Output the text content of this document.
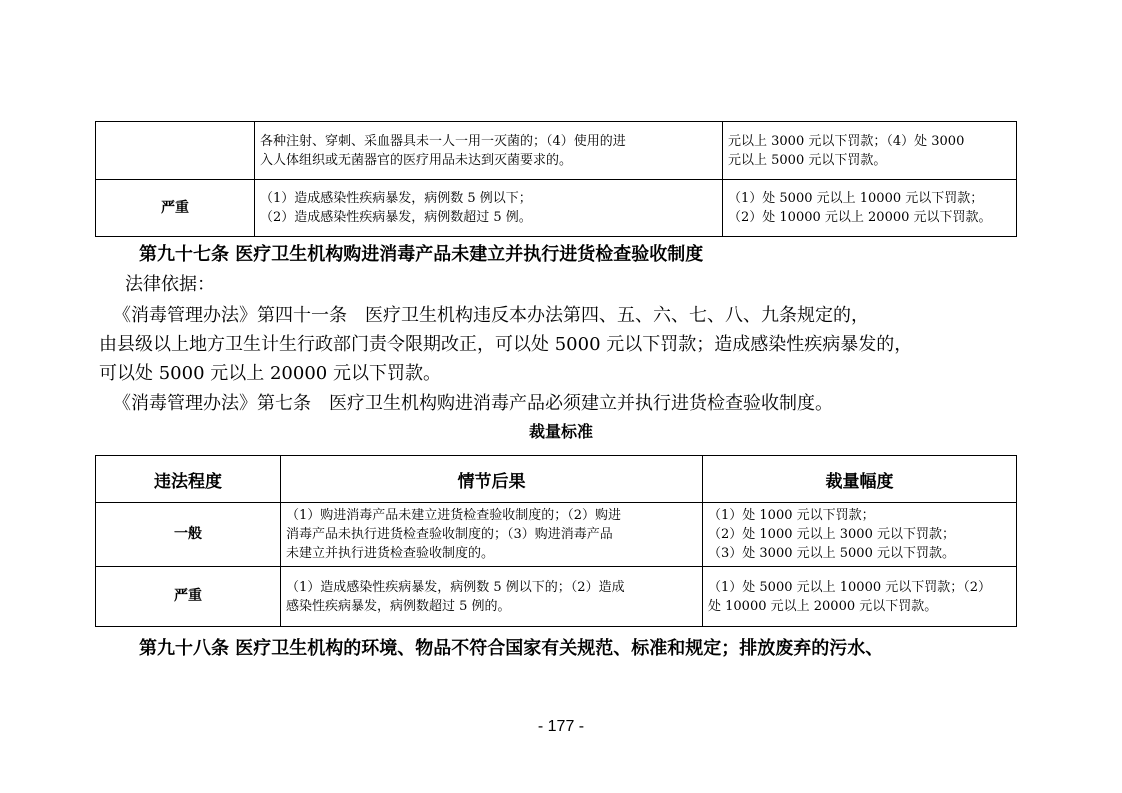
	各种注射、穿刺、采血器具未一人一用一灭菌的；（4）使用的进
入人体组织或无菌器官的医疗用品未达到灭菌要求的。	元以上 3000 元以下罚款；（4）处 3000
元以上 5000 元以下罚款。

严重	（1）造成感染性疾病暴发，病例数 5 例以下；
（2）造成感染性疾病暴发，病例数超过 5 例。	（1）处 5000 元以上 10000 元以下罚款；
（2）处 10000 元以上 20000 元以下罚款。
第九十七条 医疗卫生机构购进消毒产品未建立并执行进货检查验收制度
法律依据：
《消毒管理办法》第四十一条　医疗卫生机构违反本办法第四、五、六、七、八、九条规定的，
由县级以上地方卫生计生行政部门责令限期改正，可以处 5000 元以下罚款；造成感染性疾病暴发的，
可以处 5000 元以上 20000 元以下罚款。
《消毒管理办法》第七条　医疗卫生机构购进消毒产品必须建立并执行进货检查验收制度。
裁量标准
违法程度	情节后果	裁量幅度
一般	（1）购进消毒产品未建立进货检查验收制度的；（2）购进
消毒产品未执行进货检查验收制度的；（3）购进消毒产品
未建立并执行进货检查验收制度的。	（1）处 1000 元以下罚款；
（2）处 1000 元以上 3000 元以下罚款；
（3）处 3000 元以上 5000 元以下罚款。

严重	（1）造成感染性疾病暴发，病例数 5 例以下的；（2）造成
感染性疾病暴发，病例数超过 5 例的。	（1）处 5000 元以上 10000 元以下罚款；（2）
处 10000 元以上 20000 元以下罚款。
第九十八条 医疗卫生机构的环境、物品不符合国家有关规范、标准和规定；排放废弃的污水、
- 177 -
